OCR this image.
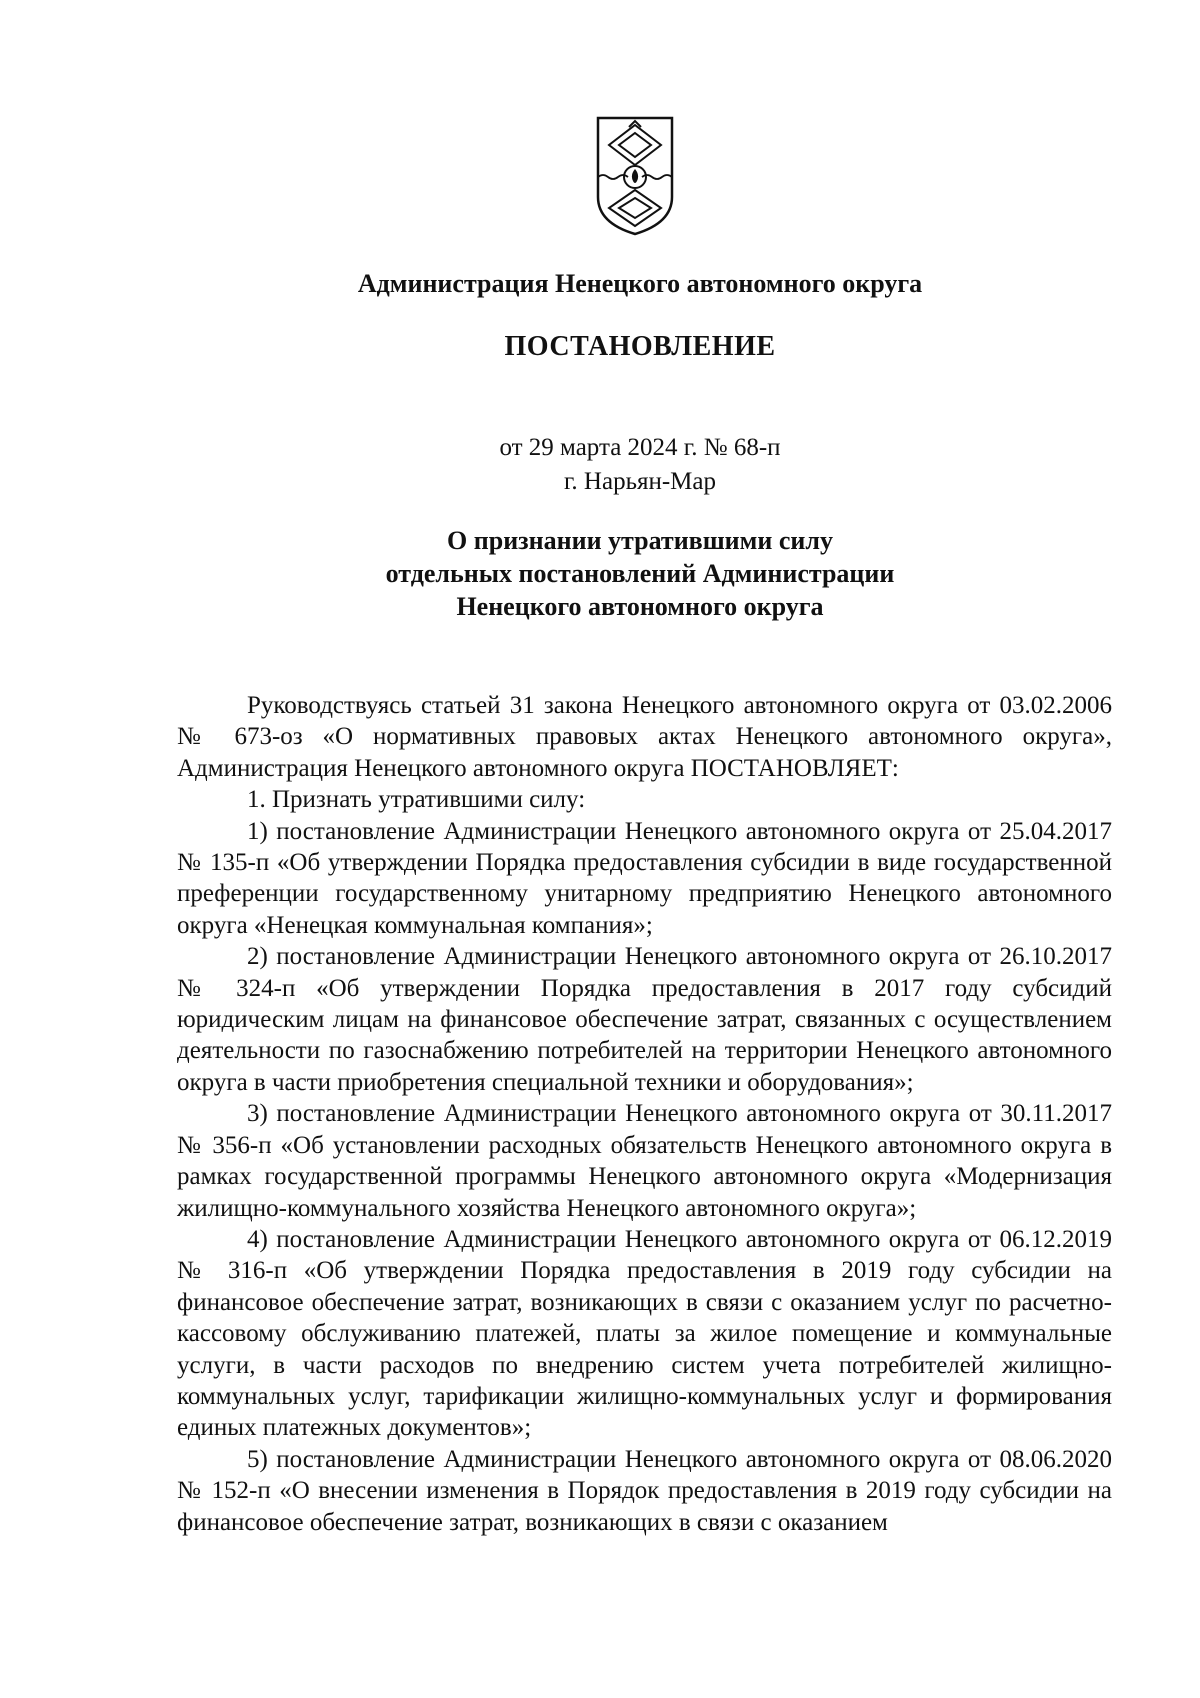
Администрация Ненецкого автономного округа
ПОСТАНОВЛЕНИЕ
от 29 марта 2024 г. № 68-п
г. Нарьян-Мар
О признании утратившими силу
отдельных постановлений Администрации
Ненецкого автономного округа

Руководствуясь статьей 31 закона Ненецкого автономного округа от 03.02.2006 № 673-оз «О нормативных правовых актах Ненецкого автономного округа», Администрация Ненецкого автономного округа ПОСТАНОВЛЯЕТ:

1. Признать утратившими силу:

1) постановление Администрации Ненецкого автономного округа от 25.04.2017 № 135-п «Об утверждении Порядка предоставления субсидии в виде государственной преференции государственному унитарному предприятию Ненецкого автономного округа «Ненецкая коммунальная компания»;

2) постановление Администрации Ненецкого автономного округа от 26.10.2017 № 324-п «Об утверждении Порядка предоставления в 2017 году субсидий юридическим лицам на финансовое обеспечение затрат, связанных с осуществлением деятельности по газоснабжению потребителей на территории Ненецкого автономного округа в части приобретения специальной техники и оборудования»;

3) постановление Администрации Ненецкого автономного округа от 30.11.2017 № 356-п «Об установлении расходных обязательств Ненецкого автономного округа в рамках государственной программы Ненецкого автономного округа «Модернизация жилищно-коммунального хозяйства Ненецкого автономного округа»;

4) постановление Администрации Ненецкого автономного округа от 06.12.2019 № 316-п «Об утверждении Порядка предоставления в 2019 году субсидии на финансовое обеспечение затрат, возникающих в связи с оказанием услуг по расчетно-кассовому обслуживанию платежей, платы за жилое помещение и коммунальные услуги, в части расходов по внедрению систем учета потребителей жилищно-коммунальных услуг, тарификации жилищно-коммунальных услуг и формирования единых платежных документов»;

5) постановление Администрации Ненецкого автономного округа от 08.06.2020 № 152-п «О внесении изменения в Порядок предоставления в 2019 году субсидии на финансовое обеспечение затрат, возникающих в связи с оказанием
